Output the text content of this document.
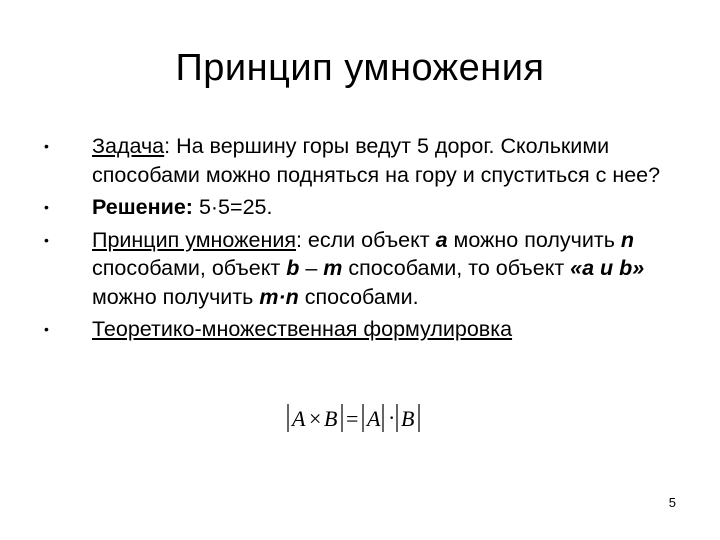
Принцип умножения
•	Задача: На вершину горы ведут 5 дорог. Сколькими способами можно подняться на гору и спуститься с нее?
•	Решение: 5·5=25.
•	Принцип умножения: если объект a можно получить n способами, объект b – m способами, то объект «a и b» можно получить m·n способами.
•	Теоретико-множественная формулировка
A × B = A · B
5
